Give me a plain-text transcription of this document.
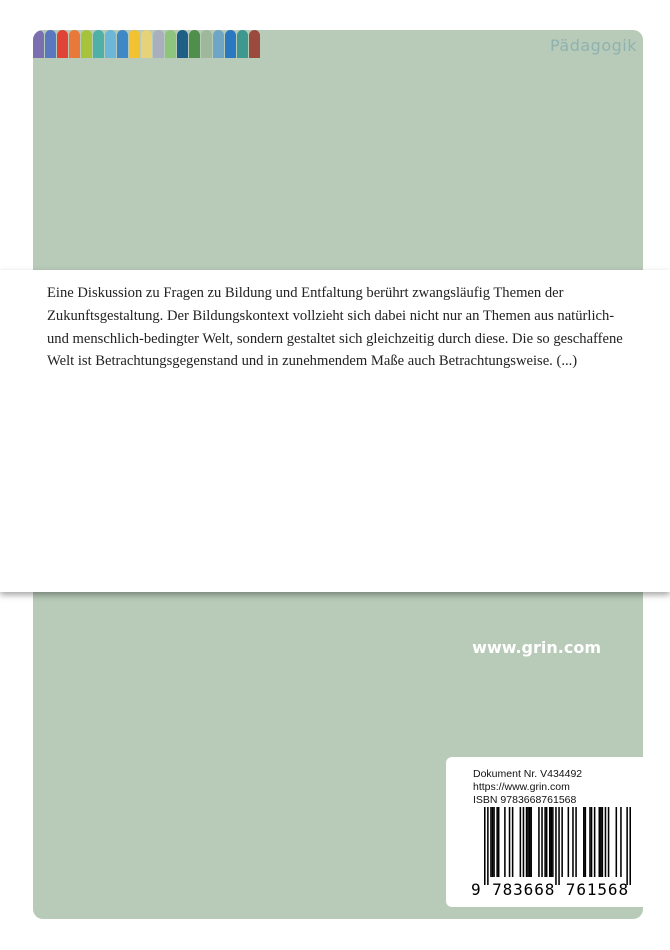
Pädagogik
www.grin.com
Eine Diskussion zu Fragen zu Bildung und Entfaltung berührt zwangsläufig Themen der Zukunftsgestaltung. Der Bildungskontext vollzieht sich dabei nicht nur an Themen aus natürlich- und menschlich-bedingter Welt, sondern gestaltet sich gleichzeitig durch diese. Die so geschaffene Welt ist Betrachtungsgegenstand und in zunehmendem Maße auch Betrachtungsweise. (...)
Dokument Nr. V434492
https://www.grin.com
ISBN 9783668761568
9 783668 761568
